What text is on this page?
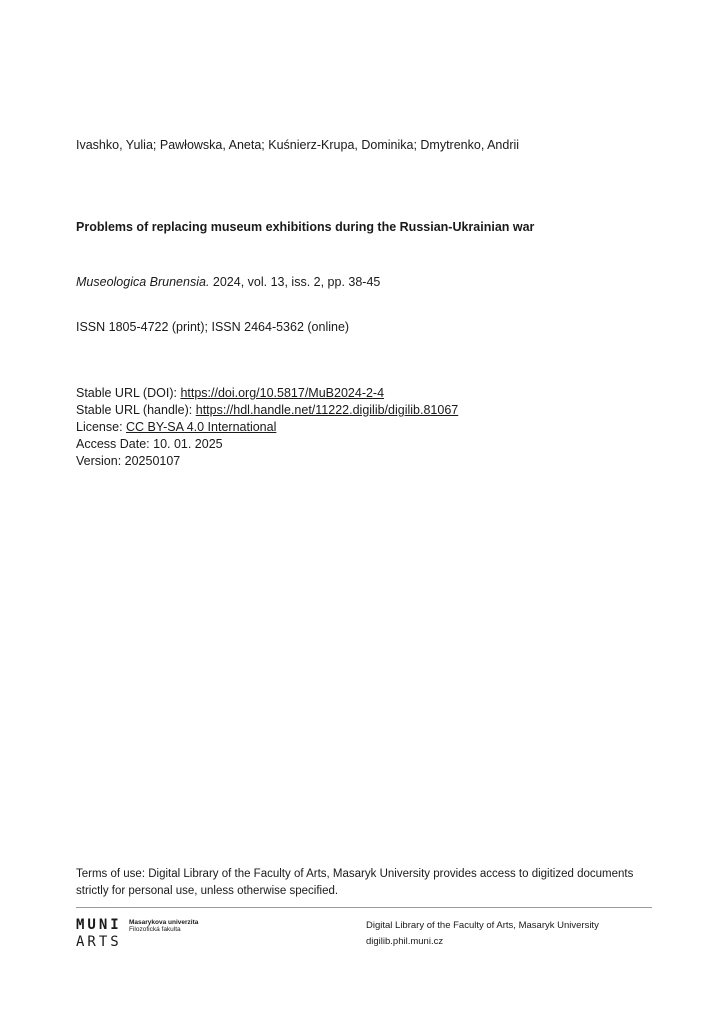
Ivashko, Yulia; Pawłowska, Aneta; Kuśnierz-Krupa, Dominika; Dmytrenko, Andrii
Problems of replacing museum exhibitions during the Russian-Ukrainian war
Museologica Brunensia. 2024, vol. 13, iss. 2, pp. 38-45
ISSN 1805-4722 (print); ISSN 2464-5362 (online)
Stable URL (DOI): https://doi.org/10.5817/MuB2024-2-4
Stable URL (handle): https://hdl.handle.net/11222.digilib/digilib.81067
License: CC BY-SA 4.0 International
Access Date: 10. 01. 2025
Version: 20250107
Terms of use: Digital Library of the Faculty of Arts, Masaryk University provides access to digitized documents strictly for personal use, unless otherwise specified.
MUNI
ARTS
Masarykova univerzita
Filozofická fakulta	Digital Library of the Faculty of Arts, Masaryk University
digilib.phil.muni.cz
